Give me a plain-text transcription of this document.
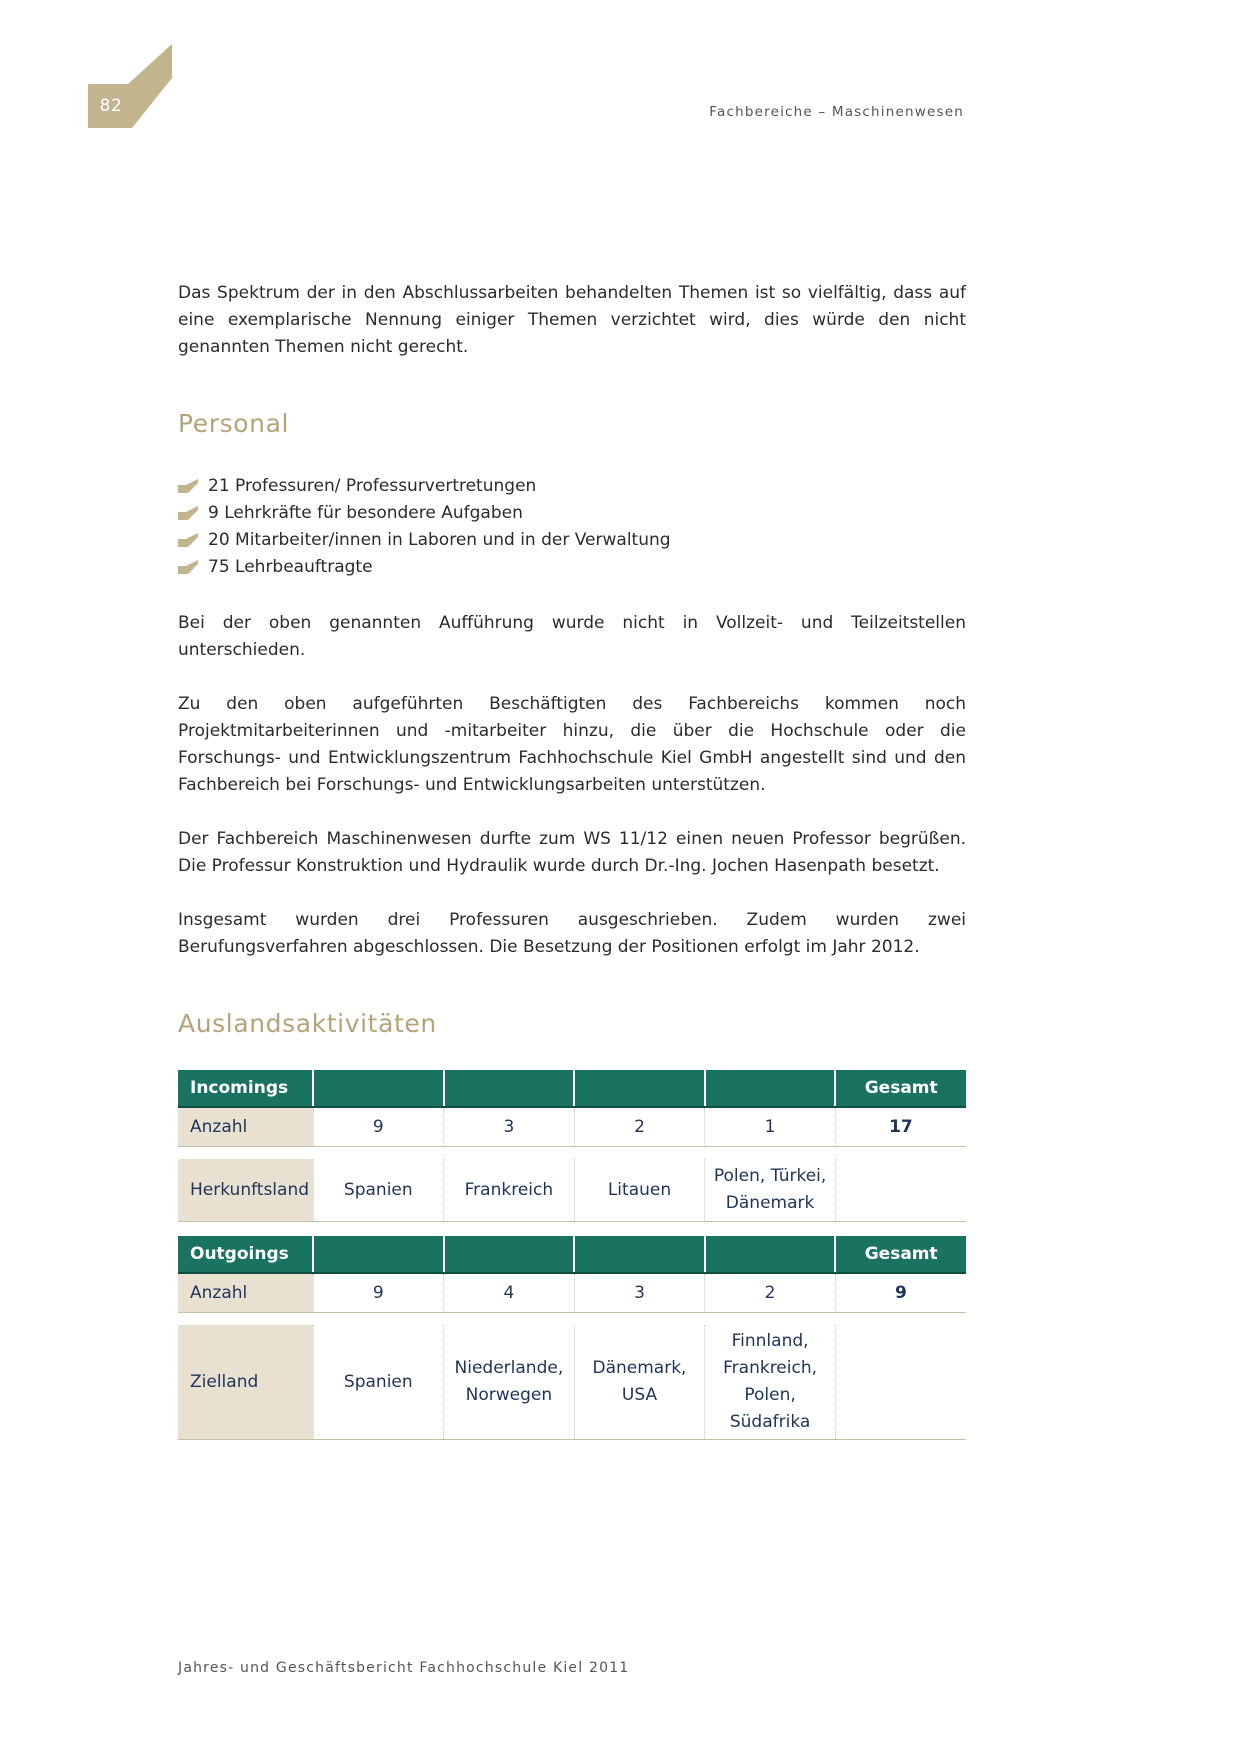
82	Fachbereiche – Maschinenwesen

Das Spektrum der in den Abschlussarbeiten behandelten Themen ist so vielfältig, dass auf eine exemplarische Nennung einiger Themen verzichtet wird, dies würde den nicht genannten Themen nicht gerecht.

Personal
21 Professuren/ Professurvertretungen
9 Lehrkräfte für besondere Aufgaben
20 Mitarbeiter/innen in Laboren und in der Verwaltung
75 Lehrbeauftragte

Bei der oben genannten Aufführung wurde nicht in Vollzeit- und Teilzeitstellen unterschieden.

Zu den oben aufgeführten Beschäftigten des Fachbereichs kommen noch Projektmitarbeiterinnen und -mitarbeiter hinzu, die über die Hochschule oder die Forschungs- und Entwicklungszentrum Fachhochschule Kiel GmbH angestellt sind und den Fachbereich bei Forschungs- und Entwicklungsarbeiten unterstützen.

Der Fachbereich Maschinenwesen durfte zum WS 11/12 einen neuen Professor begrüßen. Die Professur Konstruktion und Hydraulik wurde durch Dr.-Ing. Jochen Hasenpath besetzt.

Insgesamt wurden drei Professuren ausgeschrieben. Zudem wurden zwei Berufungsverfahren abgeschlossen. Die Besetzung der Positionen erfolgt im Jahr 2012.

Auslandsaktivitäten
Incomings					Gesamt
Anzahl	9	3	2	1	17

Herkunftsland	Spanien	Frankreich	Litauen	Polen, Türkei, Dänemark	

Outgoings					Gesamt
Anzahl	9	4	3	2	9

Zielland	Spanien	Niederlande, Norwegen	Dänemark, USA	Finnland, Frankreich, Polen, Südafrika	
Jahres- und Geschäftsbericht Fachhochschule Kiel 2011
